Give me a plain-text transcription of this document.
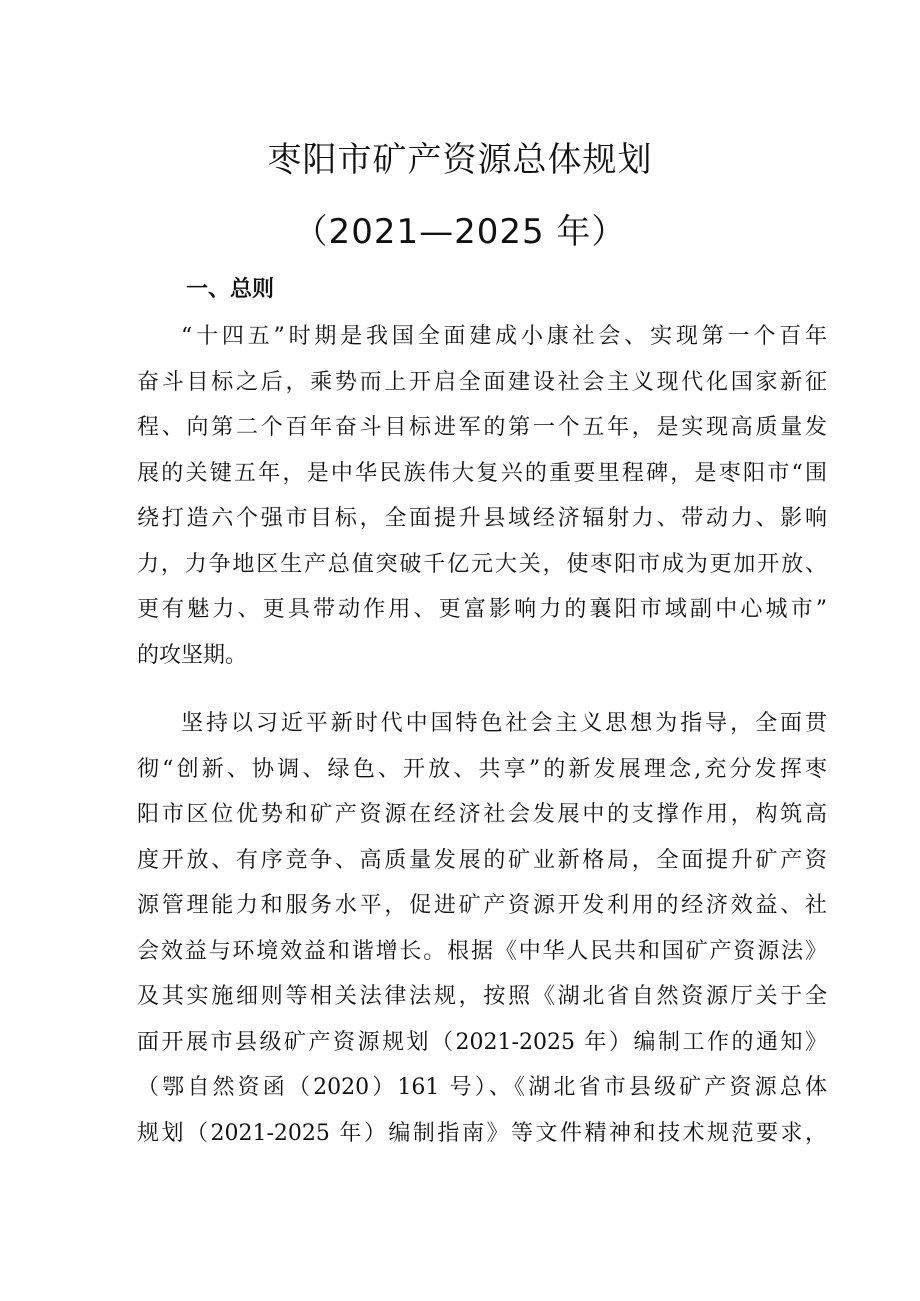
枣阳市矿产资源总体规划
（2021—2025 年）
一、总则
“十四五”时期是我国全面建成小康社会、实现第一个百年
奋斗目标之后，乘势而上开启全面建设社会主义现代化国家新征
程、向第二个百年奋斗目标进军的第一个五年，是实现高质量发
展的关键五年，是中华民族伟大复兴的重要里程碑，是枣阳市“围
绕打造六个强市目标，全面提升县域经济辐射力、带动力、影响
力，力争地区生产总值突破千亿元大关，使枣阳市成为更加开放、
更有魅力、更具带动作用、更富影响力的襄阳市域副中心城市”
的攻坚期。
坚持以习近平新时代中国特色社会主义思想为指导，全面贯
彻“创新、协调、绿色、开放、共享”的新发展理念,充分发挥枣
阳市区位优势和矿产资源在经济社会发展中的支撑作用，构筑高
度开放、有序竞争、高质量发展的矿业新格局，全面提升矿产资
源管理能力和服务水平，促进矿产资源开发利用的经济效益、社
会效益与环境效益和谐增长。根据《中华人民共和国矿产资源法》
及其实施细则等相关法律法规，按照《湖北省自然资源厅关于全
面开展市县级矿产资源规划（2021-2025 年）编制工作的通知》
（鄂自然资函（2020）161 号）、《湖北省市县级矿产资源总体
规划（2021-2025 年）编制指南》等文件精神和技术规范要求，
